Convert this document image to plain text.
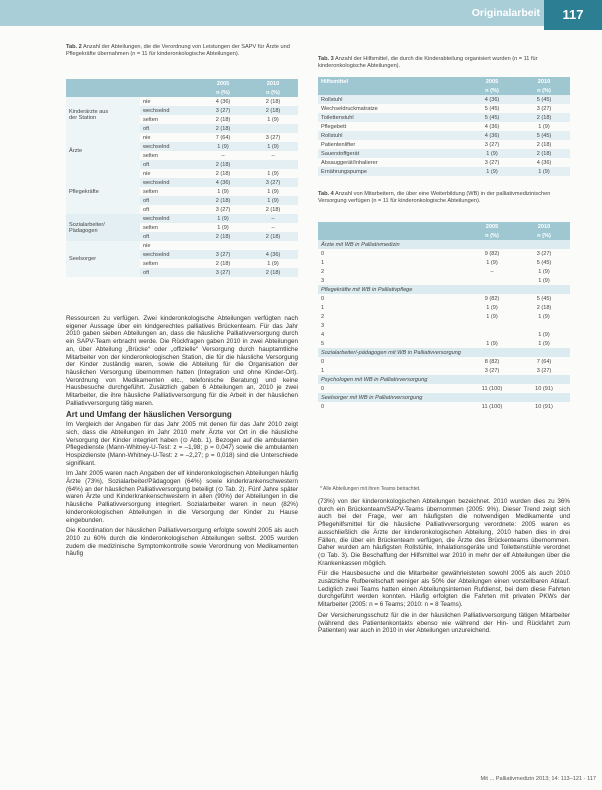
Originalarbeit	117
Tab. 2 Anzahl der Abteilungen, die die Verordnung von Leistungen der SAPV für Ärzte und Pflegekräfte übernahmen (n = 11 für kinderonkologische Abteilungen).
		2005	2010
		n (%)	n (%)
Kinderärzte aus
der Station	nie	4 (36)	2 (18)
	wechselnd	3 (27)	2 (18)
	selten	2 (18)	1 (9)
	oft	2 (18)	
Ärzte	nie	7 (64)	3 (27)
	wechselnd	1 (9)	1 (9)
	selten	–	–
	oft	2 (18)	
Pflegekräfte	nie	2 (18)	1 (9)
	wechselnd	4 (36)	3 (27)
	selten	1 (9)	1 (9)
	oft	2 (18)	1 (9)
	oft	3 (27)	2 (18)
Sozialarbeiter/
Pädagogen	wechselnd	1 (9)	–
	selten	1 (9)	–
	oft	2 (18)	2 (18)
Seelsorger	nie		
	wechselnd	3 (27)	4 (36)
	selten	2 (18)	1 (9)
	oft	3 (27)	2 (18)
Tab. 3 Anzahl der Hilfsmittel, die durch die Kinderabteilung organisiert wurden (n = 11 für kinderonkologische Abteilungen).
Hilfsmittel	2005	2010
	n (%)	n (%)
Rollstuhl	4 (36)	5 (45)
Wechseldruckmatratze	5 (45)	3 (27)
Toilettenstuhl	5 (45)	2 (18)
Pflegebett	4 (36)	1 (9)
Rollstuhl	4 (36)	5 (45)
Patientenlifter	3 (27)	2 (18)
Sauerstoffgerät	1 (9)	2 (18)
Absauggerät/Inhalierer	3 (27)	4 (36)
Ernährungspumpe	1 (9)	1 (9)
Tab. 4 Anzahl von Mitarbeitern, die über eine Weiterbildung (WB) in der palliativmedizinischen Versorgung verfügen (n = 11 für kinderonkologische Abteilungen).
	2005	2010
	n (%)	n (%)
Ärzte mit WB in Palliativmedizin		
0	9 (82)	3 (27)
1	1 (9)	5 (45)
2	–	1 (9)
3		1 (9)
Pflegekräfte mit WB in Palliativpflege		
0	9 (82)	5 (45)
1	1 (9)	2 (18)
2	1 (9)	1 (9)
3		
4		1 (9)
5	1 (9)	1 (9)
Sozialarbeiter/-pädagogen mit WB in Palliativversorgung		
0	8 (82)	7 (64)
1	3 (27)	3 (27)
Psychologen mit WB in Palliativversorgung		
0	11 (100)	10 (91)
Seelsorger mit WB in Palliativversorgung		
0	11 (100)	10 (91)
* Alle Abteilungen mit ihren Teams betrachtet.

Ressourcen zu verfügen. Zwei kinderonkologische Abteilungen verfügten nach eigener Aussage über ein kindgerechtes palliatives Brückenteam. Für das Jahr 2010 gaben sieben Abteilungen an, dass die häusliche Palliativversorgung durch ein SAPV-Team erbracht werde. Die Rückfragen gaben 2010 in zwei Abteilungen an, über Abteilung „Brücke“ oder „offizielle“ Versorgung durch hauptamtliche Mitarbeiter von der kinderonkologischen Station, die für die häusliche Versorgung der Kinder zuständig waren, sowie die Abteilung für die Organisation der häuslichen Versorgung übernommen hatten (Integration und ohne Kinder-Ort). Verordnung von Medikamenten etc., telefonische Beratung) und keine Hausbesuche durchgeführt. Zusätzlich gaben 6 Abteilungen an, 2010 je zwei Mitarbeiter, die ihre häusliche Palliativversorgung für die Arbeit in der häuslichen Palliativversorgung tätig waren.

Art und Umfang der häuslichen Versorgung

Im Vergleich der Angaben für das Jahr 2005 mit denen für das Jahr 2010 zeigt sich, dass die Abteilungen im Jahr 2010 mehr Ärzte vor Ort in die häusliche Versorgung der Kinder integriert haben (⊙ Abb. 1). Bezogen auf die ambulanten Pflegedienste (Mann-Whitney-U-Test: z = –1,98; p = 0,047) sowie die ambulanten Hospizdienste (Mann-Whitney-U-Test: z = –2,27; p = 0,018) sind die Unterschiede signifikant.

Im Jahr 2005 waren nach Angaben der elf kinderonkologischen Abteilungen häufig Ärzte (73%), Sozialarbeiter/Pädagogen (64%) sowie kinderkrankenschwestern (64%) an der häuslichen Palliativversorgung beteiligt (⊙ Tab. 2). Fünf Jahre später waren Ärzte und Kinderkrankenschwestern in allen (90%) der Abteilungen in die häusliche Palliativversorgung integriert. Sozialarbeiter waren in neun (82%) kinderonkologischen Abteilungen in die Versorgung der Kinder zu Hause eingebunden.

Die Koordination der häuslichen Palliativversorgung erfolgte sowohl 2005 als auch 2010 zu 60% durch die kinderonkologischen Abteilungen selbst. 2005 wurden zudem die medizinische Symptomkontrolle sowie Verordnung von Medikamenten häufig

(73%) von der kinderonkologischen Abteilungen bezeichnet. 2010 wurden dies zu 36% durch ein Brückenteam/SAPV-Teams übernommen (2005: 9%). Dieser Trend zeigt sich auch bei der Frage, wer am häufigsten die notwendigen Medikamente und Pflegehilfsmittel für die häusliche Palliativversorgung verordnete: 2005 waren es ausschließlich die Ärzte der kinderonkologischen Abteilung, 2010 haben dies in drei Fällen, die über ein Brückenteam verfügen, die Ärzte des Brückenteams übernommen. Daher wurden am häufigsten Rollstühle, Inhalationsgeräte und Toilettenstühle verordnet (⊙ Tab. 3). Die Beschaffung der Hilfsmittel war 2010 in mehr der elf Abteilungen über die Krankenkassen möglich.

Für die Hausbesuche und die Mitarbeiter gewährleisteten sowohl 2005 als auch 2010 zusätzliche Rufbereitschaft weniger als 50% der Abteilungen einen vorstellbaren Ablauf. Lediglich zwei Teams hatten einen Abteilungsinternen Rufdienst, bei dem diese Fahrten durchgeführt werden konnten. Häufig erfolgten die Fahrten mit privaten PKWs der Mitarbeiter (2005: n = 6 Teams; 2010: n = 8 Teams).

Der Versicherungsschutz für die in der häuslichen Palliativversorgung tätigen Mitarbeiter (während des Patientenkontakts ebenso wie während der Hin- und Rückfahrt zum Patienten) war auch in 2010 in vier Abteilungen unzureichend.

Mit ... Palliativmedizin 2013; 14: 113–121 · 117
